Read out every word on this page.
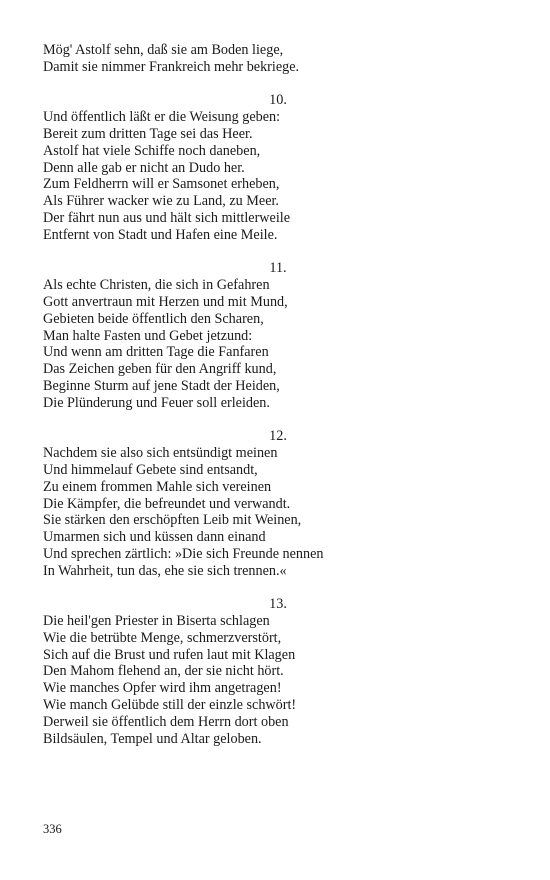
Mög' Astolf sehn, daß sie am Boden liege,
Damit sie nimmer Frankreich mehr bekriege.
10.
Und öffentlich läßt er die Weisung geben:
Bereit zum dritten Tage sei das Heer.
Astolf hat viele Schiffe noch daneben,
Denn alle gab er nicht an Dudo her.
Zum Feldherrn will er Samsonet erheben,
Als Führer wacker wie zu Land, zu Meer.
Der fährt nun aus und hält sich mittlerweile
Entfernt von Stadt und Hafen eine Meile.
11.
Als echte Christen, die sich in Gefahren
Gott anvertraun mit Herzen und mit Mund,
Gebieten beide öffentlich den Scharen,
Man halte Fasten und Gebet jetzund:
Und wenn am dritten Tage die Fanfaren
Das Zeichen geben für den Angriff kund,
Beginne Sturm auf jene Stadt der Heiden,
Die Plünderung und Feuer soll erleiden.
12.
Nachdem sie also sich entsündigt meinen
Und himmelauf Gebete sind entsandt,
Zu einem frommen Mahle sich vereinen
Die Kämpfer, die befreundet und verwandt.
Sie stärken den erschöpften Leib mit Weinen,
Umarmen sich und küssen dann einand
Und sprechen zärtlich: »Die sich Freunde nennen
In Wahrheit, tun das, ehe sie sich trennen.«
13.
Die heil'gen Priester in Biserta schlagen
Wie die betrübte Menge, schmerzverstört,
Sich auf die Brust und rufen laut mit Klagen
Den Mahom flehend an, der sie nicht hört.
Wie manches Opfer wird ihm angetragen!
Wie manch Gelübde still der einzle schwört!
Derweil sie öffentlich dem Herrn dort oben
Bildsäulen, Tempel und Altar geloben.
336
